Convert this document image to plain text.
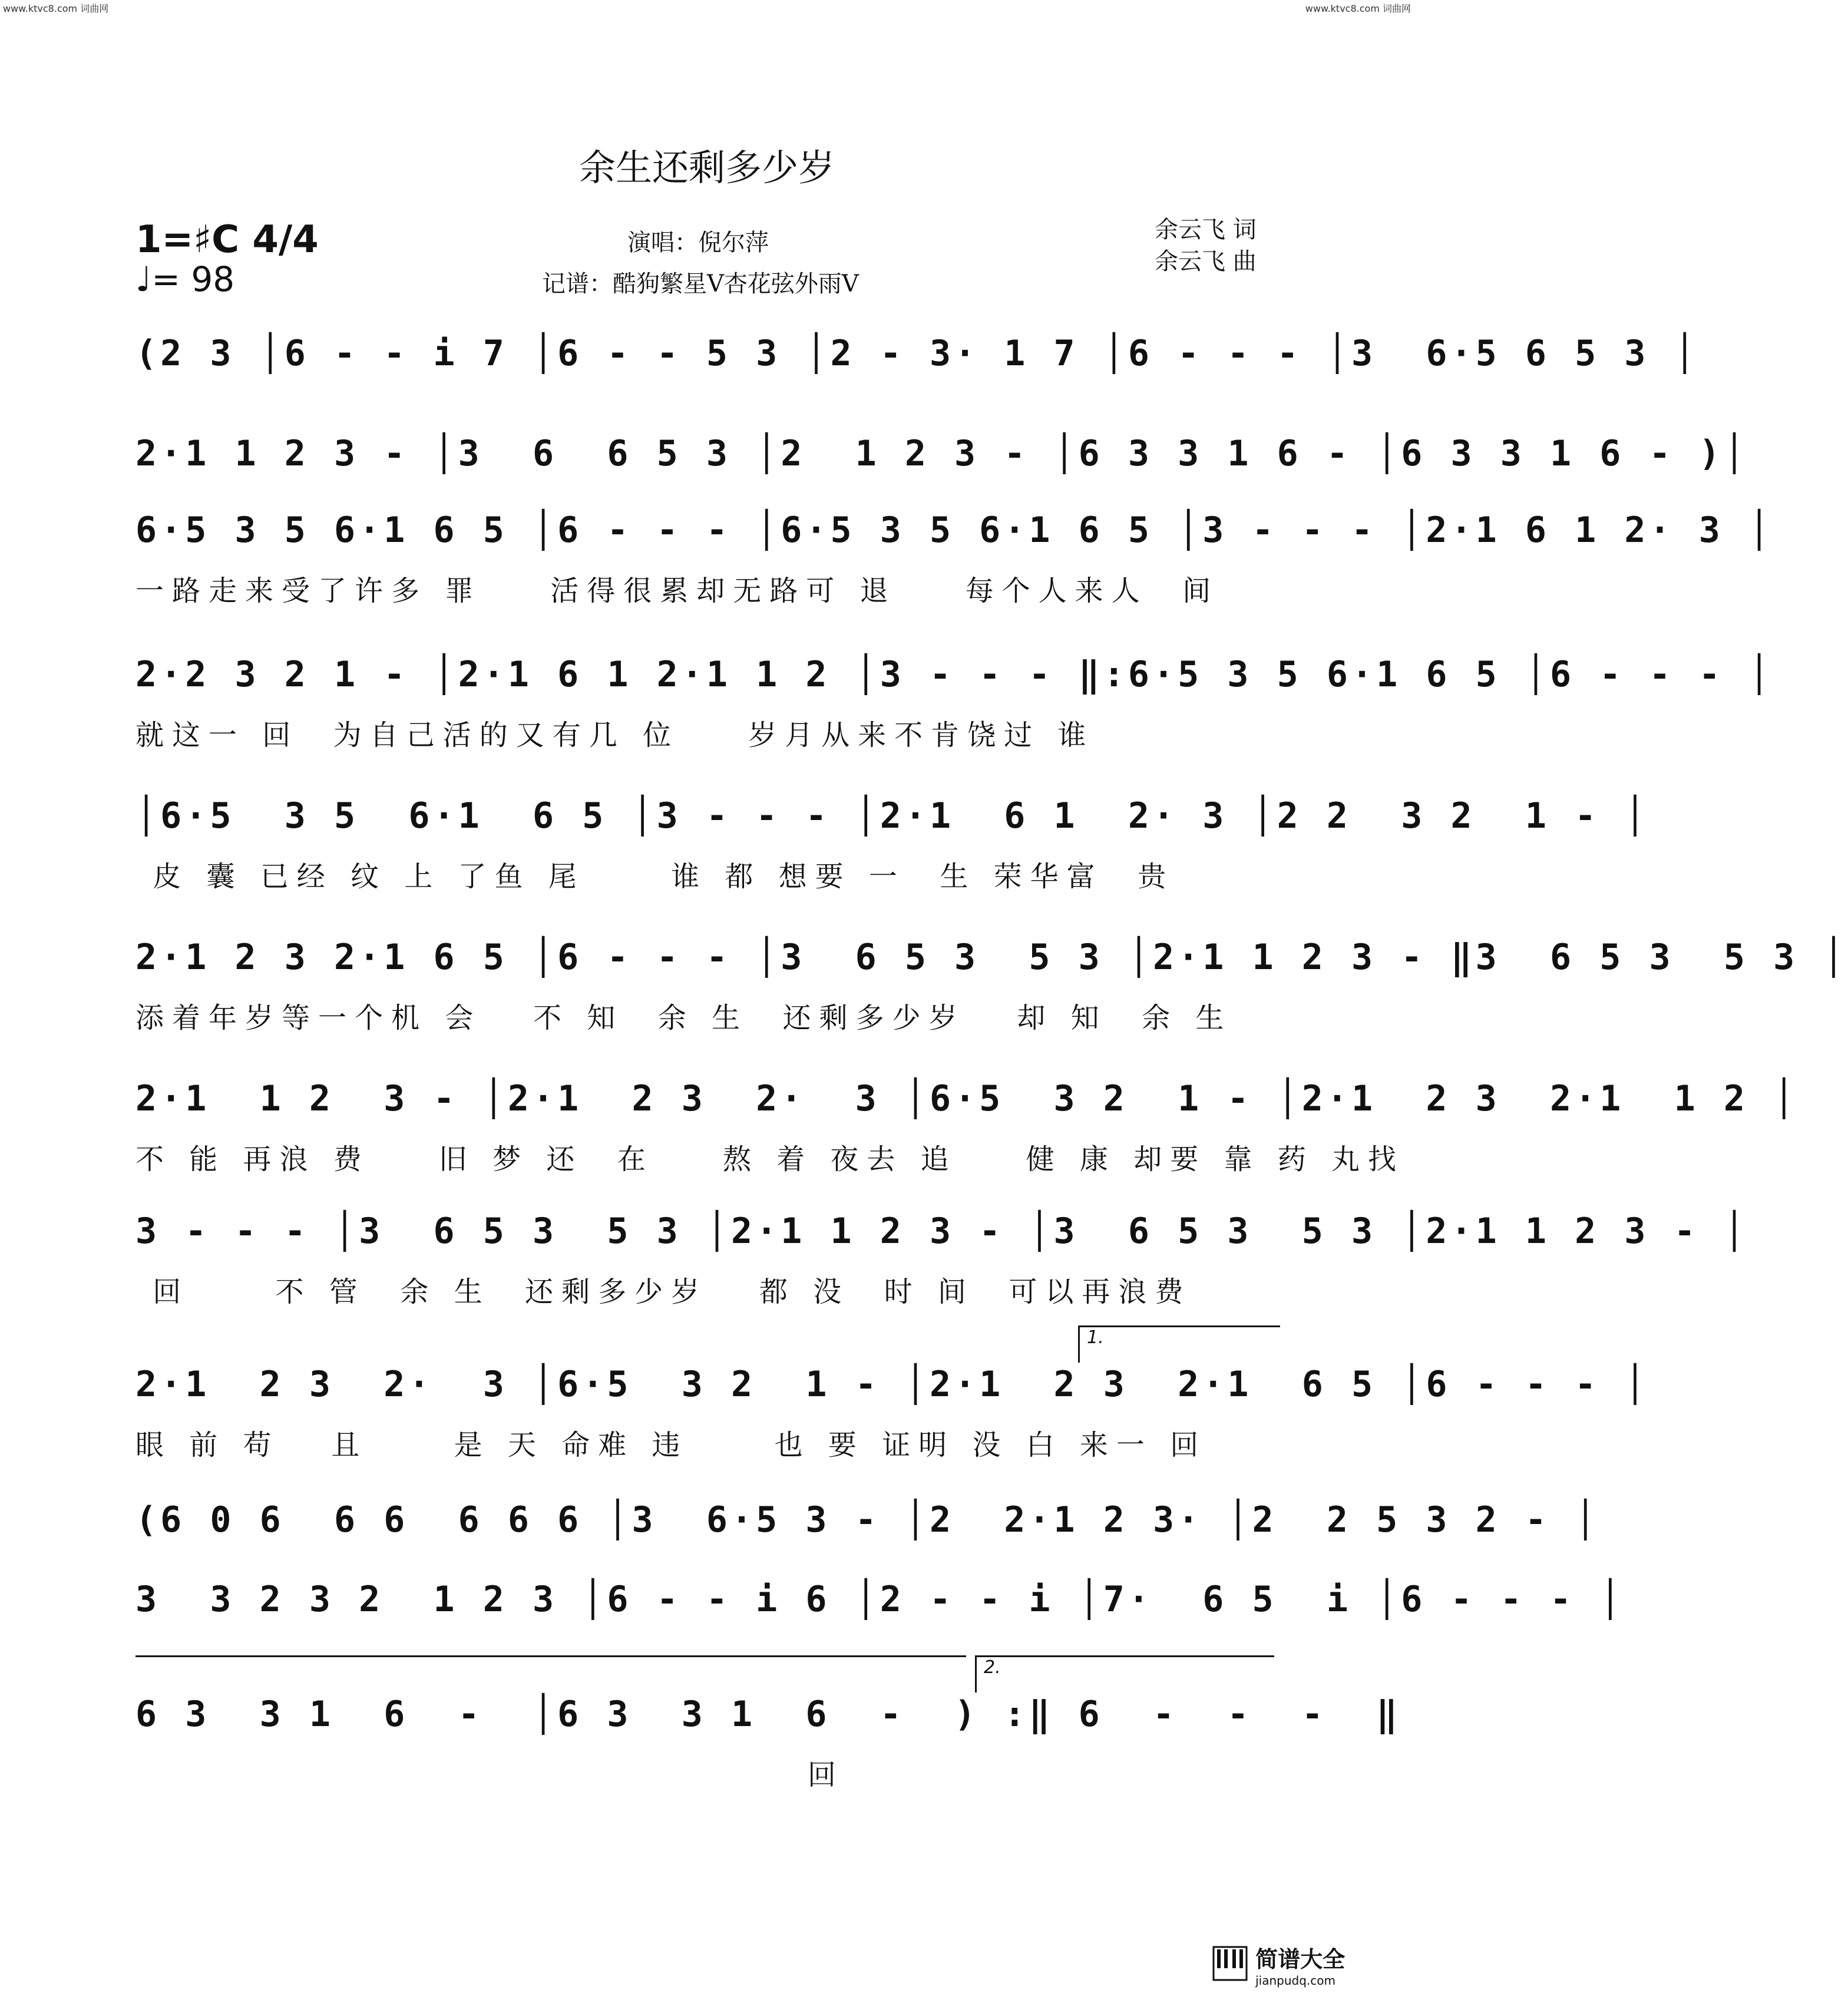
www.ktvc8.com 词曲网	www.ktvc8.com 词曲网
余生还剩多少岁
1=♯C 4/4
♩= 98
演唱：倪尔萍
记谱：酷狗繁星V杏花弦外雨V
余云飞 词
余云飞 曲
(2 3 │6 - - i 7 │6 - - 5 3 │2 - 3· 1 7 │6 - - - │3  6·5 6 5 3 │
2·1 1 2 3 - │3  6  6 5 3 │2  1 2 3 - │6 3 3 1 6 - │6 3 3 1 6 - )│
6·5 3 5 6·1 6 5 │6 - - - │6·5 3 5 6·1 6 5 │3 - - - │2·1 6 1 2· 3 │
一路走来受了许多 罪    活得很累却无路可 退    每个人来人  间
2·2 3 2 1 - │2·1 6 1 2·1 1 2 │3 - - - ‖:6·5 3 5 6·1 6 5 │6 - - - │
就这一 回  为自己活的又有几 位    岁月从来不肯饶过 谁
│6·5  3 5  6·1  6 5 │3 - - - │2·1  6 1  2· 3 │2 2  3 2  1 - │
皮 囊 已经 纹 上 了鱼 尾     谁 都 想要 一  生 荣华富  贵
2·1 2 3 2·1 6 5 │6 - - - │3  6 5 3  5 3 │2·1 1 2 3 - ‖3  6 5 3  5 3 │
添着年岁等一个机 会   不 知  余 生  还剩多少岁   却 知  余 生
2·1  1 2  3 - │2·1  2 3  2·  3 │6·5  3 2  1 - │2·1  2 3  2·1  1 2 │
不 能 再浪 费    旧 梦 还  在    熬 着 夜去 追    健 康 却要 靠 药 丸找
3 - - - │3  6 5 3  5 3 │2·1 1 2 3 - │3  6 5 3  5 3 │2·1 1 2 3 - │
回     不 管  余 生  还剩多少岁   都 没  时 间  可以再浪费
1.
2·1  2 3  2·  3 │6·5  3 2  1 - │2·1  2 3  2·1  6 5 │6 - - - │
眼 前 苟   且     是 天 命难 违     也 要 证明 没 白 来一 回
(6 0 6  6 6  6 6 6 │3  6·5 3 - │2  2·1 2 3· │2  2 5 3 2 - │
3  3 2 3 2  1 2 3 │6 - - i 6 │2 - - i │7·  6 5  i │6 - - - │
2.
6 3  3 1  6  -  │6 3  3 1  6  -  ) :‖ 6  -  -  -  ‖
回

简谱大全
jianpudq.com
